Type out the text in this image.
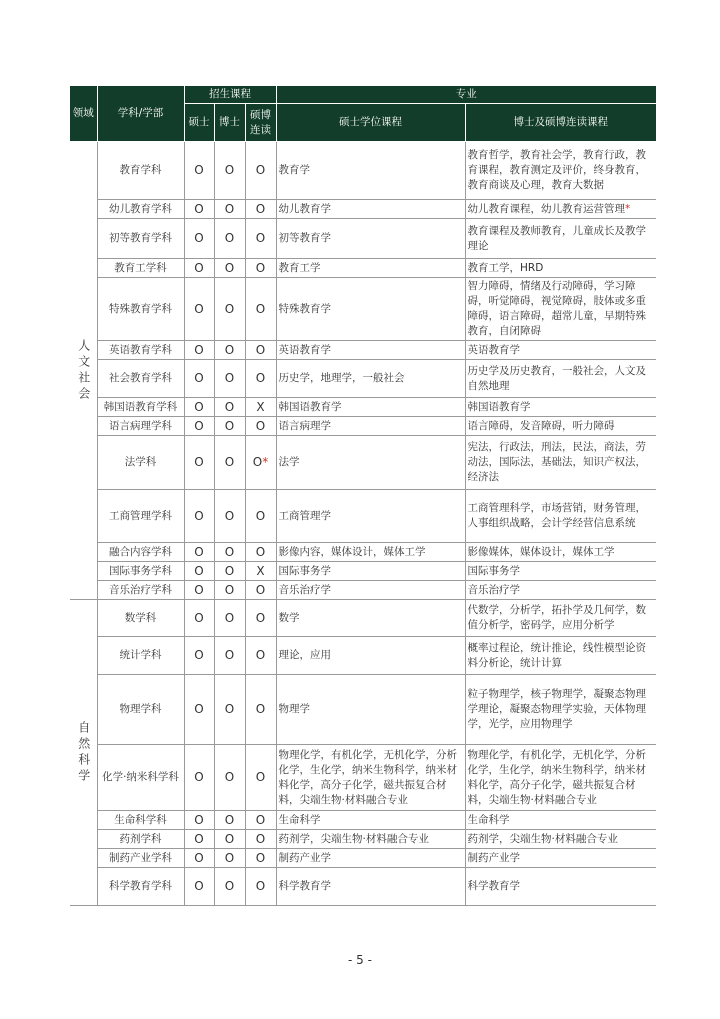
领域	学科/学部	招生课程			专业	
		硕士	博士	硕博连读	硕士学位课程	博士及硕博连读课程
人文社会	教育学科	O	O	O	教育学	教育哲学，教育社会学，教育行政，教育课程，教育测定及评价，终身教育，教育商谈及心理，教育大数据
	幼儿教育学科	O	O	O	幼儿教育学	幼儿教育课程，幼儿教育运营管理*
	初等教育学科	O	O	O	初等教育学	教育课程及教师教育，儿童成长及教学理论
	教育工学科	O	O	O	教育工学	教育工学，HRD
	特殊教育学科	O	O	O	特殊教育学	智力障碍，情绪及行动障碍，学习障碍，听觉障碍，视觉障碍，肢体或多重障碍，语言障碍，超常儿童，早期特殊教育，自闭障碍
	英语教育学科	O	O	O	英语教育学	英语教育学
	社会教育学科	O	O	O	历史学，地理学，一般社会	历史学及历史教育，一般社会，人文及自然地理
	韩国语教育学科	O	O	X	韩国语教育学	韩国语教育学
	语言病理学科	O	O	O	语言病理学	语言障碍，发音障碍，听力障碍
	法学科	O	O	O*	法学	宪法，行政法，刑法，民法，商法，劳动法，国际法，基础法，知识产权法，经济法
	工商管理学科	O	O	O	工商管理学	工商管理科学，市场营销，财务管理，人事组织战略，会计学经营信息系统
	融合内容学科	O	O	O	影像内容，媒体设计，媒体工学	影像媒体，媒体设计，媒体工学
	国际事务学科	O	O	X	国际事务学	国际事务学
	音乐治疗学科	O	O	O	音乐治疗学	音乐治疗学
自然科学	数学科	O	O	O	数学	代数学，分析学，拓扑学及几何学，数值分析学，密码学，应用分析学
	统计学科	O	O	O	理论，应用	概率过程论，统计推论，线性模型论资料分析论，统计计算
	物理学科	O	O	O	物理学	粒子物理学，核子物理学，凝聚态物理学理论，凝聚态物理学实验，天体物理学，光学，应用物理学
	化学·纳米科学科	O	O	O	物理化学，有机化学，无机化学，分析化学，生化学，纳米生物科学，纳米材料化学，高分子化学，磁共振复合材料，尖端生物·材料融合专业	物理化学，有机化学，无机化学，分析化学，生化学，纳米生物科学，纳米材料化学，高分子化学，磁共振复合材料，尖端生物·材料融合专业
	生命科学科	O	O	O	生命科学	生命科学
	药剂学科	O	O	O	药剂学，尖端生物·材料融合专业	药剂学，尖端生物·材料融合专业
	制药产业学科	O	O	O	制药产业学	制药产业学
	科学教育学科	O	O	O	科学教育学	科学教育学
- 5 -
